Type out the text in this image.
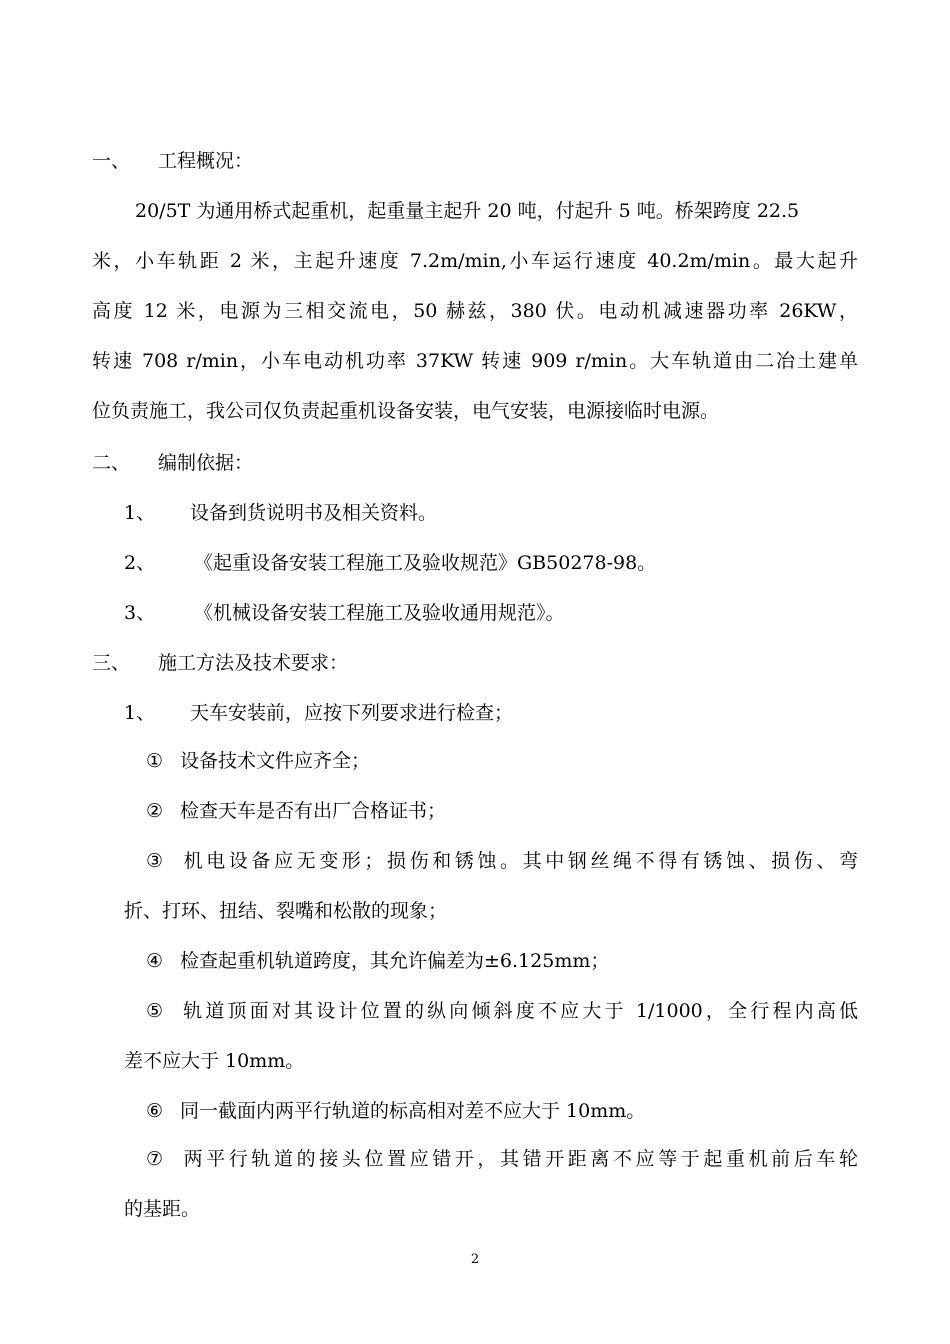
一、 工程概况：
20/5T 为通用桥式起重机，起重量主起升 20 吨，付起升 5 吨。桥架跨度 22.5
米，小车轨距 2 米，主起升速度 7.2m/min,小车运行速度 40.2m/min。最大起升
高度 12 米，电源为三相交流电，50 赫兹，380 伏。电动机减速器功率 26KW，
转速 708 r/min，小车电动机功率 37KW 转速 909 r/min。大车轨道由二冶土建单
位负责施工，我公司仅负责起重机设备安装，电气安装，电源接临时电源。
二、 编制依据：
1、 设备到货说明书及相关资料。
2、 《起重设备安装工程施工及验收规范》GB50278-98。
3、 《机械设备安装工程施工及验收通用规范》。
三、 施工方法及技术要求：
1、 天车安装前，应按下列要求进行检查；
① 设备技术文件应齐全；
② 检查天车是否有出厂合格证书；
③ 机电设备应无变形；损伤和锈蚀。其中钢丝绳不得有锈蚀、损伤、弯
折、打环、扭结、裂嘴和松散的现象；
④ 检查起重机轨道跨度，其允许偏差为±6.125mm；
⑤ 轨道顶面对其设计位置的纵向倾斜度不应大于 1/1000，全行程内高低
差不应大于 10mm。
⑥ 同一截面内两平行轨道的标高相对差不应大于 10mm。
⑦ 两平行轨道的接头位置应错开，其错开距离不应等于起重机前后车轮
的基距。
2
